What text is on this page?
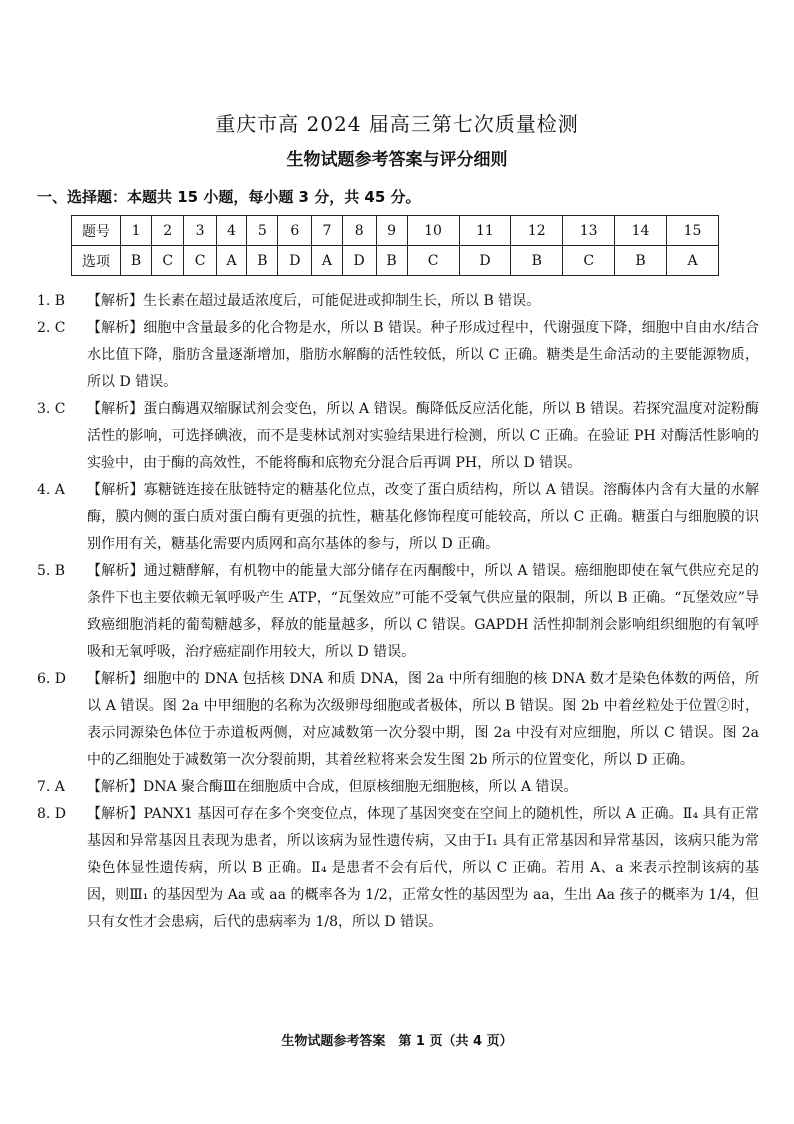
重庆市高 2024 届高三第七次质量检测
生物试题参考答案与评分细则
一、选择题：本题共 15 小题，每小题 3 分，共 45 分。
题号	1	2	3	4	5	6	7	8	9	10	11	12	13	14	15
选项	B	C	C	A	B	D	A	D	B	C	D	B	C	B	A
1. B	【解析】生长素在超过最适浓度后，可能促进或抑制生长，所以 B 错误。
2. C	【解析】细胞中含量最多的化合物是水，所以 B 错误。种子形成过程中，代谢强度下降，细胞中自由水/结合水比值下降，脂肪含量逐渐增加，脂肪水解酶的活性较低，所以 C 正确。糖类是生命活动的主要能源物质，所以 D 错误。
3. C	【解析】蛋白酶遇双缩脲试剂会变色，所以 A 错误。酶降低反应活化能，所以 B 错误。若探究温度对淀粉酶活性的影响，可选择碘液，而不是斐林试剂对实验结果进行检测，所以 C 正确。在验证 PH 对酶活性影响的实验中，由于酶的高效性，不能将酶和底物充分混合后再调 PH，所以 D 错误。
4. A	【解析】寡糖链连接在肽链特定的糖基化位点，改变了蛋白质结构，所以 A 错误。溶酶体内含有大量的水解酶，膜内侧的蛋白质对蛋白酶有更强的抗性，糖基化修饰程度可能较高，所以 C 正确。糖蛋白与细胞膜的识别作用有关，糖基化需要内质网和高尔基体的参与，所以 D 正确。
5. B	【解析】通过糖酵解，有机物中的能量大部分储存在丙酮酸中，所以 A 错误。癌细胞即使在氧气供应充足的条件下也主要依赖无氧呼吸产生 ATP，“瓦堡效应”可能不受氧气供应量的限制，所以 B 正确。“瓦堡效应”导致癌细胞消耗的葡萄糖越多，释放的能量越多，所以 C 错误。GAPDH 活性抑制剂会影响组织细胞的有氧呼吸和无氧呼吸，治疗癌症副作用较大，所以 D 错误。
6. D	【解析】细胞中的 DNA 包括核 DNA 和质 DNA，图 2a 中所有细胞的核 DNA 数才是染色体数的两倍，所以 A 错误。图 2a 中甲细胞的名称为次级卵母细胞或者极体，所以 B 错误。图 2b 中着丝粒处于位置②时，表示同源染色体位于赤道板两侧，对应减数第一次分裂中期，图 2a 中没有对应细胞，所以 C 错误。图 2a 中的乙细胞处于减数第一次分裂前期，其着丝粒将来会发生图 2b 所示的位置变化，所以 D 正确。
7. A	【解析】DNA 聚合酶Ⅲ在细胞质中合成，但原核细胞无细胞核，所以 A 错误。
8. D	【解析】PANX1 基因可存在多个突变位点，体现了基因突变在空间上的随机性，所以 A 正确。Ⅱ₄ 具有正常基因和异常基因且表现为患者，所以该病为显性遗传病，又由于Ⅰ₁ 具有正常基因和异常基因，该病只能为常染色体显性遗传病，所以 B 正确。Ⅱ₄ 是患者不会有后代，所以 C 正确。若用 A、a 来表示控制该病的基因，则Ⅲ₁ 的基因型为 Aa 或 aa 的概率各为 1/2，正常女性的基因型为 aa，生出 Aa 孩子的概率为 1/4，但只有女性才会患病，后代的患病率为 1/8，所以 D 错误。
生物试题参考答案　第 1 页（共 4 页）
